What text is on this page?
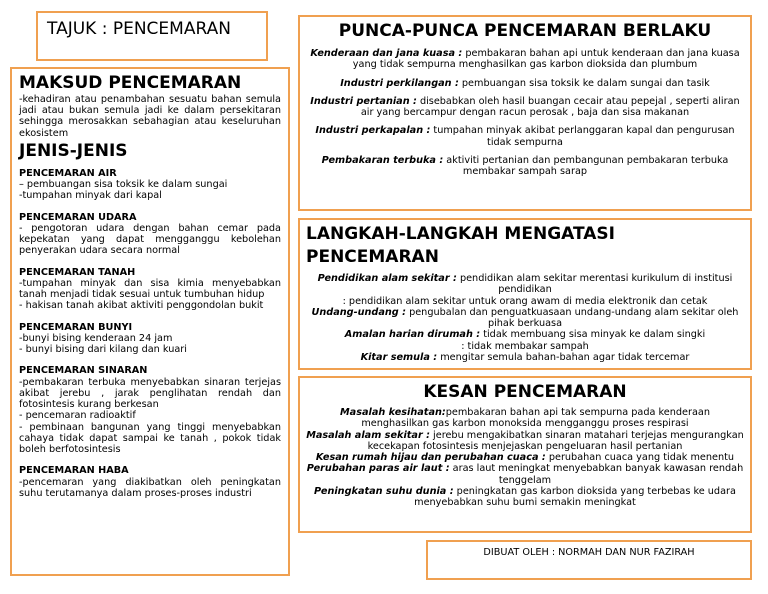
TAJUK : PENCEMARAN
MAKSUD PENCEMARAN
-kehadiran atau penambahan sesuatu bahan semula jadi atau bukan semula jadi ke dalam persekitaran sehingga merosakkan sebahagian atau keseluruhan ekosistem
JENIS-JENIS
PENCEMARAN AIR
– pembuangan sisa toksik ke dalam sungai
-tumpahan minyak dari kapal
PENCEMARAN UDARA
- pengotoran udara dengan bahan cemar pada kepekatan yang dapat mengganggu kebolehan penyerakan udara secara normal
PENCEMARAN TANAH
-tumpahan minyak dan sisa kimia menyebabkan tanah menjadi tidak sesuai untuk tumbuhan hidup
- hakisan tanah akibat aktiviti penggondolan bukit
PENCEMARAN BUNYI
-bunyi bising kenderaan 24 jam
- bunyi bising dari kilang dan kuari
PENCEMARAN SINARAN
-pembakaran terbuka menyebabkan sinaran terjejas akibat jerebu , jarak penglihatan rendah dan fotosintesis kurang berkesan
- pencemaran radioaktif
- pembinaan bangunan yang tinggi menyebabkan cahaya tidak dapat sampai ke tanah , pokok tidak boleh berfotosintesis
PENCEMARAN HABA
-pencemaran yang diakibatkan oleh peningkatan suhu terutamanya dalam proses-proses industri
PUNCA-PUNCA PENCEMARAN BERLAKU
Kenderaan dan jana kuasa : pembakaran bahan api untuk kenderaan dan jana kuasa yang tidak sempurna menghasilkan gas karbon dioksida dan plumbum
Industri perkilangan : pembuangan sisa toksik ke dalam sungai dan tasik
Industri pertanian : disebabkan oleh hasil buangan cecair atau pepejal , seperti aliran air yang bercampur dengan racun perosak , baja dan sisa makanan
Industri perkapalan : tumpahan minyak akibat perlanggaran kapal dan pengurusan tidak sempurna
Pembakaran terbuka : aktiviti pertanian dan pembangunan pembakaran terbuka membakar sampah sarap
LANGKAH-LANGKAH MENGATASI
PENCEMARAN
Pendidikan alam sekitar : pendidikan alam sekitar merentasi kurikulum di institusi pendidikan
: pendidikan alam sekitar untuk orang awam di media elektronik dan cetak
Undang-undang : pengubalan dan penguatkuasaan undang-undang alam sekitar oleh pihak berkuasa
Amalan harian dirumah : tidak membuang sisa minyak ke dalam singki
: tidak membakar sampah
Kitar semula : mengitar semula bahan-bahan agar tidak tercemar
KESAN PENCEMARAN
Masalah kesihatan:pembakaran bahan api tak sempurna pada kenderaan menghasilkan gas karbon monoksida mengganggu proses respirasi
Masalah alam sekitar : jerebu mengakibatkan sinaran matahari terjejas mengurangkan kecekapan fotosintesis menjejaskan pengeluaran hasil pertanian
Kesan rumah hijau dan perubahan cuaca : perubahan cuaca yang tidak menentu
Perubahan paras air laut : aras laut meningkat menyebabkan banyak kawasan rendah tenggelam
Peningkatan suhu dunia : peningkatan gas karbon dioksida yang terbebas ke udara menyebabkan suhu bumi semakin meningkat
DIBUAT OLEH : NORMAH DAN NUR FAZIRAH
